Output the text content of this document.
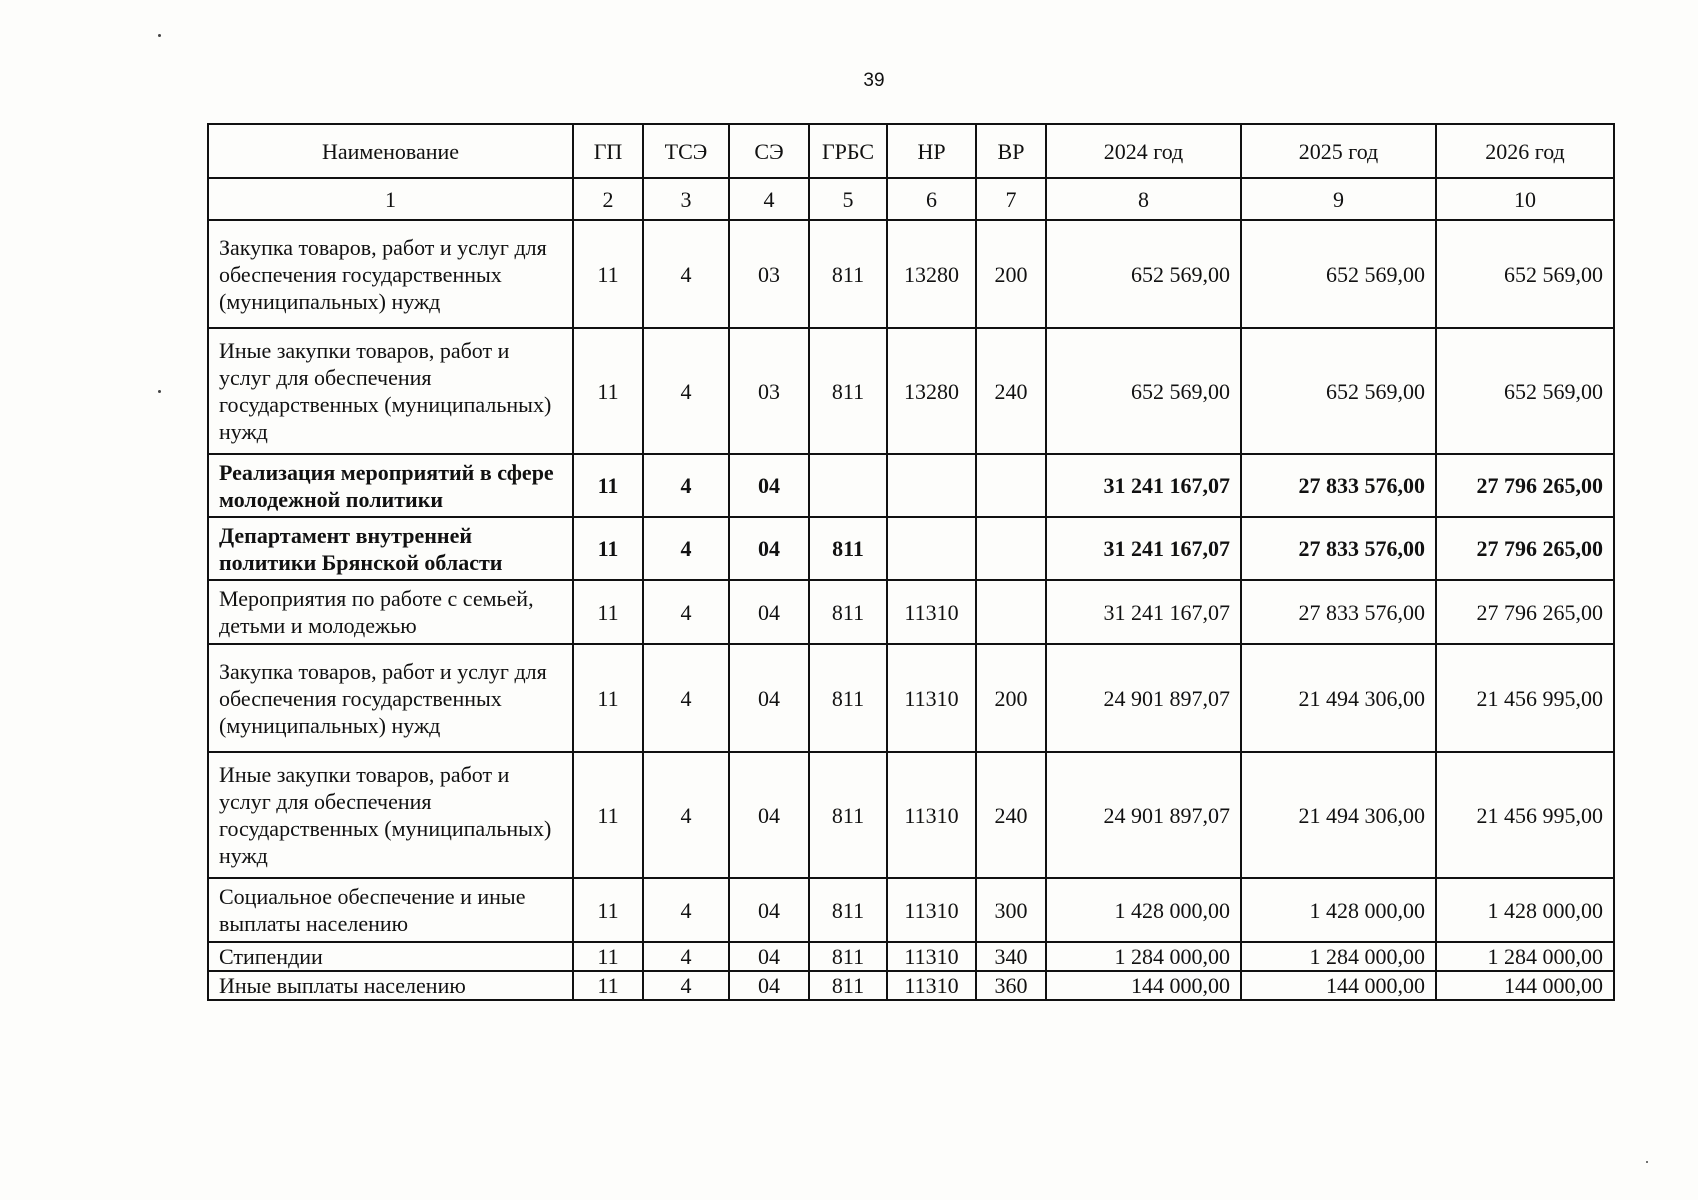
39
Наименование	ГП	ТСЭ	СЭ	ГРБС	НР	ВР	2024 год	2025 год	2026 год
1	2	3	4	5	6	7	8	9	10
Закупка товаров, работ и услуг для обеспечения государственных (муниципальных) нужд	11	4	03	811	13280	200	652 569,00	652 569,00	652 569,00
Иные закупки товаров, работ и услуг для обеспечения государственных (муниципальных) нужд	11	4	03	811	13280	240	652 569,00	652 569,00	652 569,00
Реализация мероприятий в сфере молодежной политики	11	4	04				31 241 167,07	27 833 576,00	27 796 265,00
Департамент внутренней политики Брянской области	11	4	04	811			31 241 167,07	27 833 576,00	27 796 265,00
Мероприятия по работе с семьей, детьми и молодежью	11	4	04	811	11310		31 241 167,07	27 833 576,00	27 796 265,00
Закупка товаров, работ и услуг для обеспечения государственных (муниципальных) нужд	11	4	04	811	11310	200	24 901 897,07	21 494 306,00	21 456 995,00
Иные закупки товаров, работ и услуг для обеспечения государственных (муниципальных) нужд	11	4	04	811	11310	240	24 901 897,07	21 494 306,00	21 456 995,00
Социальное обеспечение и иные выплаты населению	11	4	04	811	11310	300	1 428 000,00	1 428 000,00	1 428 000,00
Стипендии	11	4	04	811	11310	340	1 284 000,00	1 284 000,00	1 284 000,00
Иные выплаты населению	11	4	04	811	11310	360	144 000,00	144 000,00	144 000,00
